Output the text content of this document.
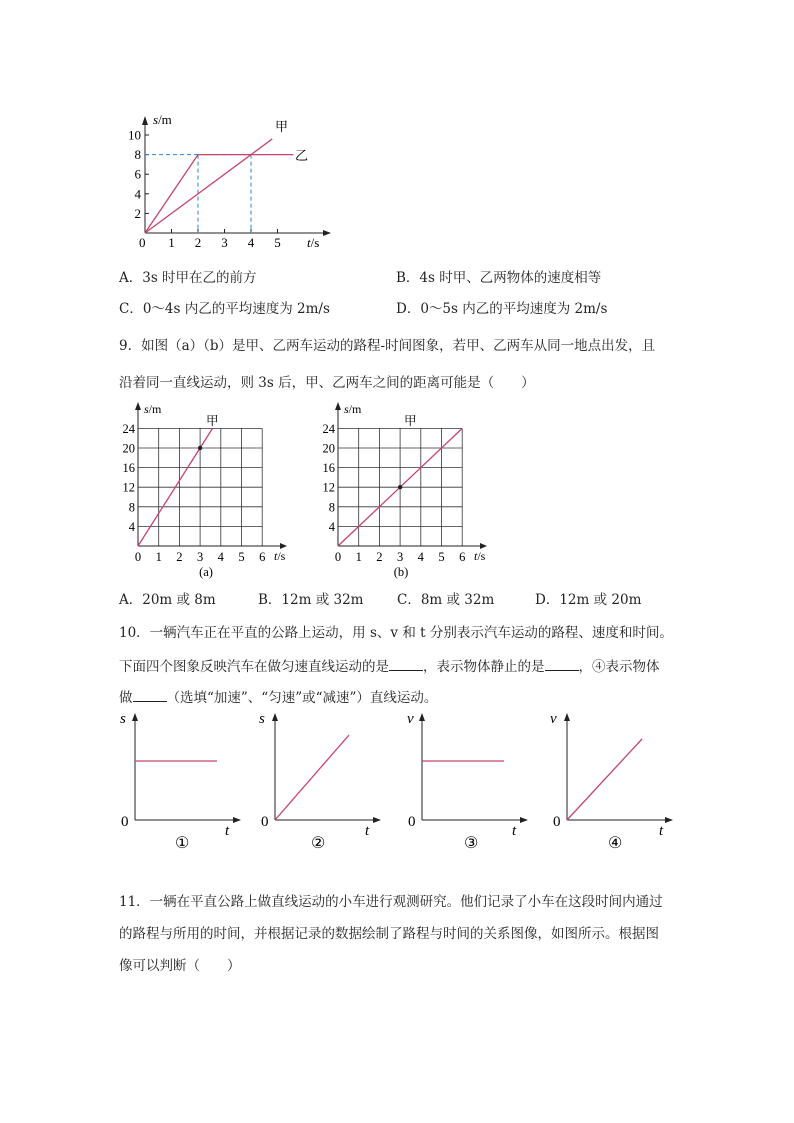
10
8
6
4
2
1 2 3 4 5
s/m
t/s
0
甲
乙
A．3s 时甲在乙的前方	B．4s 时甲、乙两物体的速度相等
C．0～4s 内乙的平均速度为 2m/s	D．0～5s 内乙的平均速度为 2m/s
9．如图（a）（b）是甲、乙两车运动的路程-时间图象，若甲、乙两车从同一地点出发，且
沿着同一直线运动，则 3s 后，甲、乙两车之间的距离可能是（　　）
24
20
16
12
8
4
1 2 3 4 5 6
0
s/m
t/s
甲
(a)
24
20
16
12
8
4
1 2 3 4 5 6
0
s/m
t/s
甲
(b)
A．20m 或 8m	B．12m 或 32m C．8m 或 32m	D．12m 或 20m
10．一辆汽车正在平直的公路上运动，用 s、v 和 t 分别表示汽车运动的路程、速度和时间。
下面四个图象反映汽车在做匀速直线运动的是	，表示物体静止的是	，④表示物体
做	（选填“加速”、“匀速”或“减速”）直线运动。
s
t
0
①
s
t
0
②
v
t
0
③
v
t
0
④
11．一辆在平直公路上做直线运动的小车进行观测研究。他们记录了小车在这段时间内通过
的路程与所用的时间，并根据记录的数据绘制了路程与时间的关系图像，如图所示。根据图
像可以判断（　　）
